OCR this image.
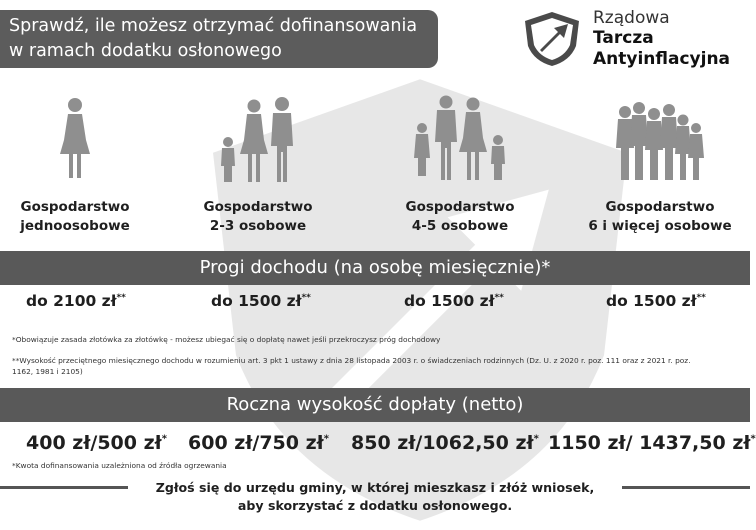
Sprawdź, ile możesz otrzymać dofinansowania
w ramach dodatku osłonowego
Rządowa
Tarcza
Antyinflacyjna
Gospodarstwo
jednoosobowe
Gospodarstwo
2-3 osobowe
Gospodarstwo
4-5 osobowe
Gospodarstwo
6 i więcej osobowe
Progi dochodu (na osobę miesięcznie)*
do 2100 zł**	do 1500 zł**	do 1500 zł**	do 1500 zł**
*Obowiązuje zasada złotówka za złotówkę - możesz ubiegać się o dopłatę nawet jeśli przekroczysz próg dochodowy
**Wysokość przeciętnego miesięcznego dochodu w rozumieniu art. 3 pkt 1 ustawy z dnia 28 listopada 2003 r. o świadczeniach rodzinnych (Dz. U. z 2020 r. poz. 111 oraz z 2021 r. poz.
1162, 1981 i 2105)
Roczna wysokość dopłaty (netto)
400 zł/500 zł* 600 zł/750 zł* 850 zł/1062,50 zł* 1150 zł/ 1437,50 zł*
*Kwota dofinansowania uzależniona od źródła ogrzewania
Zgłoś się do urzędu gminy, w której mieszkasz i złóż wniosek,
aby skorzystać z dodatku osłonowego.
